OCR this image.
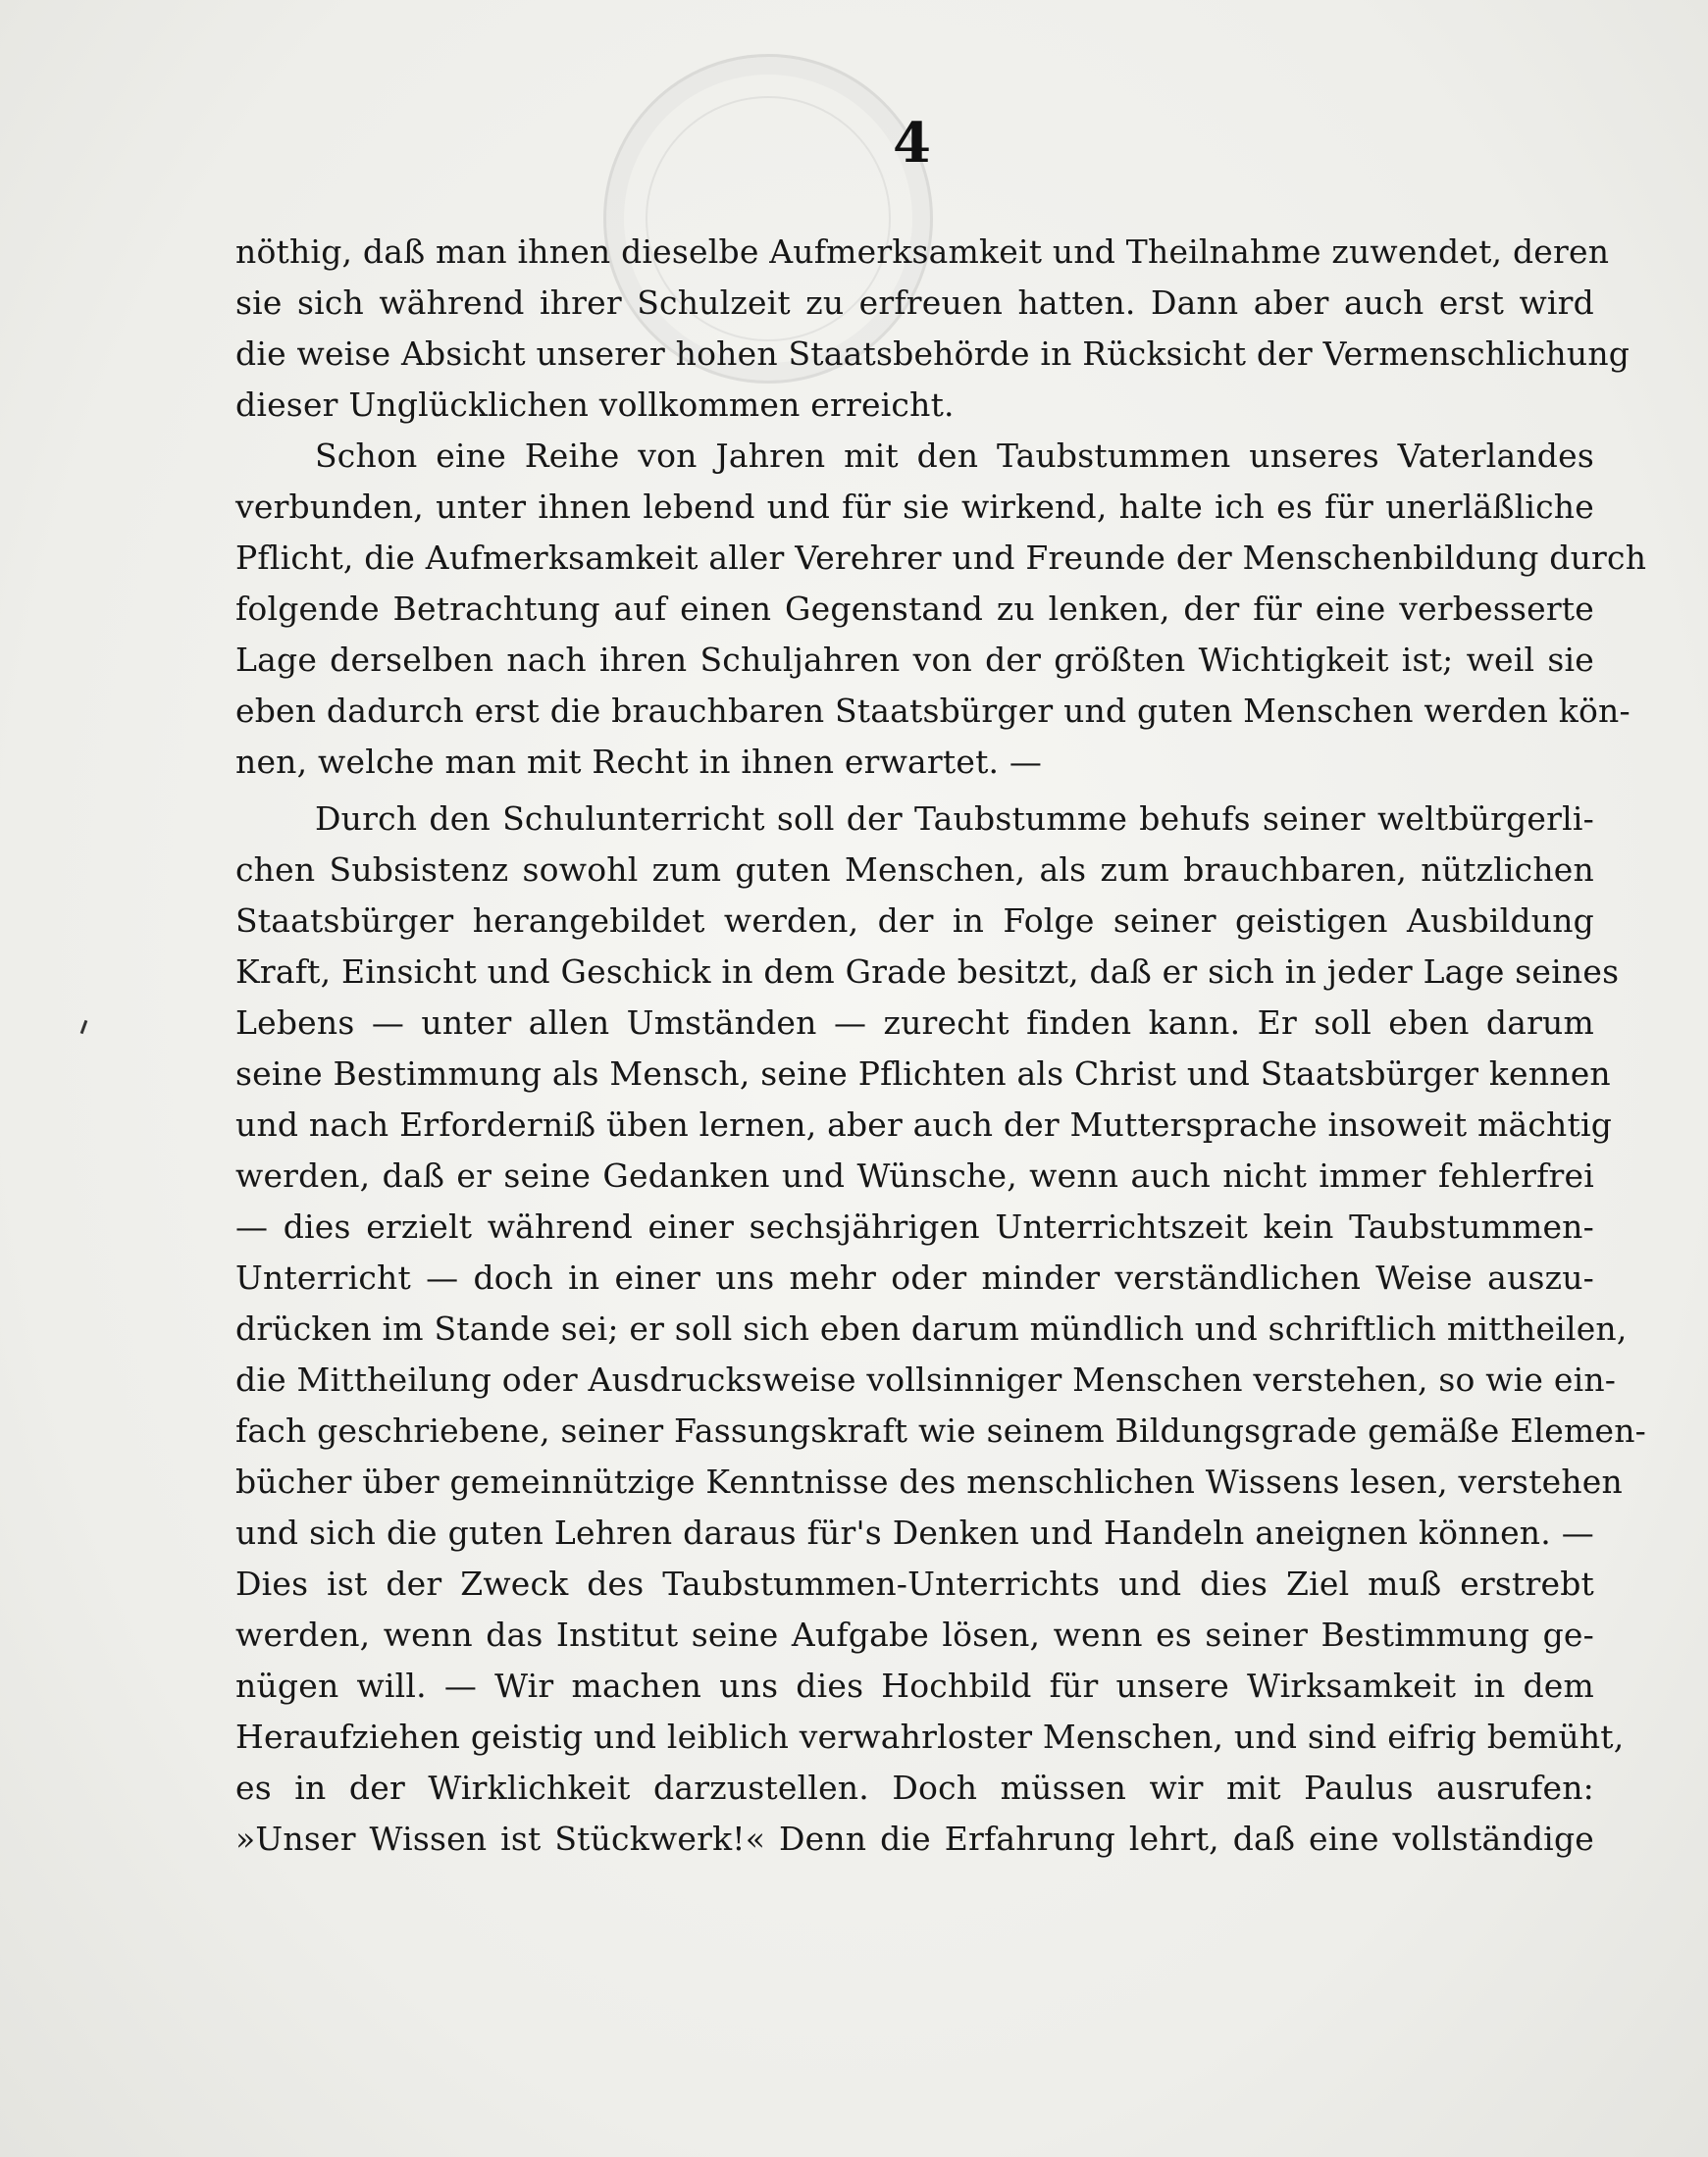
4
nöthig, daß man ihnen dieselbe Aufmerksamkeit und Theilnahme zuwendet, deren
sie sich während ihrer Schulzeit zu erfreuen hatten. Dann aber auch erst wird
die weise Absicht unserer hohen Staatsbehörde in Rücksicht der Vermenschlichung
dieser Unglücklichen vollkommen erreicht.
Schon eine Reihe von Jahren mit den Taubstummen unseres Vaterlandes
verbunden, unter ihnen lebend und für sie wirkend, halte ich es für unerläßliche
Pflicht, die Aufmerksamkeit aller Verehrer und Freunde der Menschenbildung durch
folgende Betrachtung auf einen Gegenstand zu lenken, der für eine verbesserte
Lage derselben nach ihren Schuljahren von der größten Wichtigkeit ist; weil sie
eben dadurch erst die brauchbaren Staatsbürger und guten Menschen werden kön-
nen, welche man mit Recht in ihnen erwartet. —
Durch den Schulunterricht soll der Taubstumme behufs seiner weltbürgerli-
chen Subsistenz sowohl zum guten Menschen, als zum brauchbaren, nützlichen
Staatsbürger herangebildet werden, der in Folge seiner geistigen Ausbildung
Kraft, Einsicht und Geschick in dem Grade besitzt, daß er sich in jeder Lage seines
Lebens — unter allen Umständen — zurecht finden kann. Er soll eben darum
seine Bestimmung als Mensch, seine Pflichten als Christ und Staatsbürger kennen
und nach Erforderniß üben lernen, aber auch der Muttersprache insoweit mächtig
werden, daß er seine Gedanken und Wünsche, wenn auch nicht immer fehlerfrei
— dies erzielt während einer sechsjährigen Unterrichtszeit kein Taubstummen-
Unterricht — doch in einer uns mehr oder minder verständlichen Weise auszu-
drücken im Stande sei; er soll sich eben darum mündlich und schriftlich mittheilen,
die Mittheilung oder Ausdrucksweise vollsinniger Menschen verstehen, so wie ein-
fach geschriebene, seiner Fassungskraft wie seinem Bildungsgrade gemäße Elemen-
bücher über gemeinnützige Kenntnisse des menschlichen Wissens lesen, verstehen
und sich die guten Lehren daraus für's Denken und Handeln aneignen können. —
Dies ist der Zweck des Taubstummen-Unterrichts und dies Ziel muß erstrebt
werden, wenn das Institut seine Aufgabe lösen, wenn es seiner Bestimmung ge-
nügen will. — Wir machen uns dies Hochbild für unsere Wirksamkeit in dem
Heraufziehen geistig und leiblich verwahrloster Menschen, und sind eifrig bemüht,
es in der Wirklichkeit darzustellen. Doch müssen wir mit Paulus ausrufen:
»Unser Wissen ist Stückwerk!« Denn die Erfahrung lehrt, daß eine vollständige
